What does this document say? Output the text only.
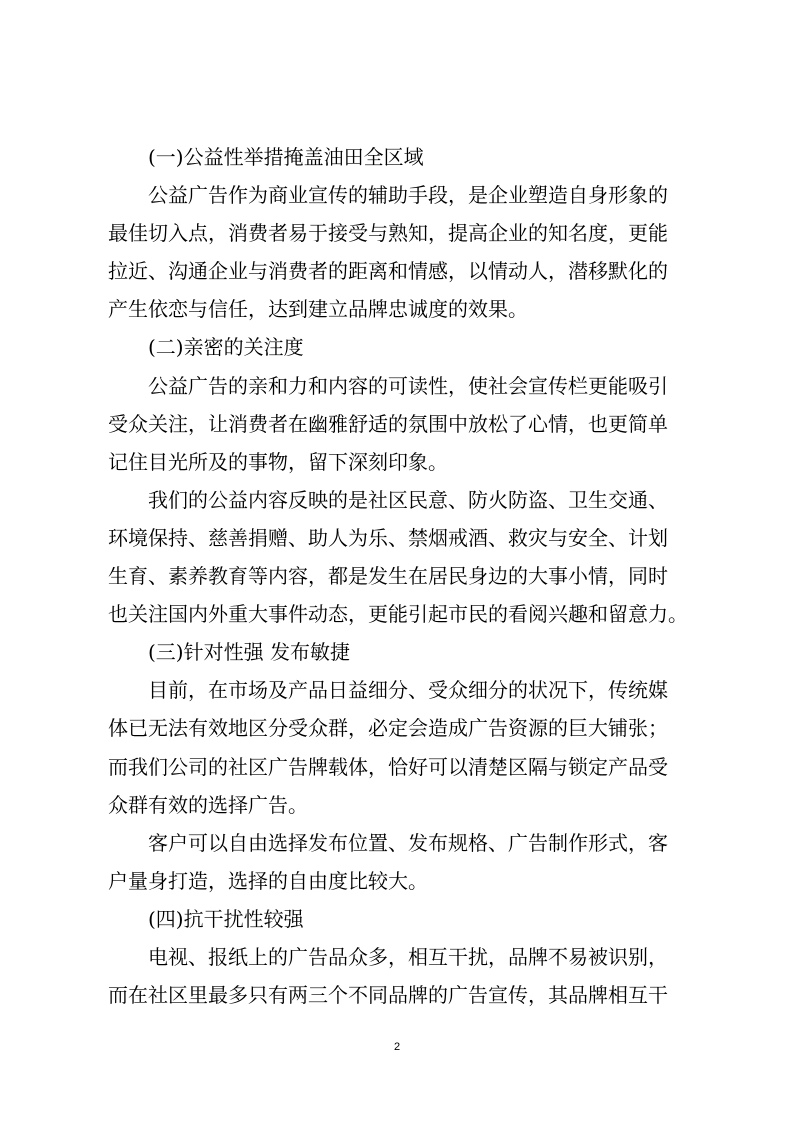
(一)公益性举措掩盖油田全区域
公益广告作为商业宣传的辅助手段，是企业塑造自身形象的
最佳切入点，消费者易于接受与熟知，提高企业的知名度，更能
拉近、沟通企业与消费者的距离和情感，以情动人，潜移默化的
产生依恋与信任，达到建立品牌忠诚度的效果。
(二)亲密的关注度
公益广告的亲和力和内容的可读性，使社会宣传栏更能吸引
受众关注，让消费者在幽雅舒适的氛围中放松了心情，也更简单
记住目光所及的事物，留下深刻印象。
我们的公益内容反映的是社区民意、防火防盗、卫生交通、
环境保持、慈善捐赠、助人为乐、禁烟戒酒、救灾与安全、计划
生育、素养教育等内容，都是发生在居民身边的大事小情，同时
也关注国内外重大事件动态，更能引起市民的看阅兴趣和留意力。
(三)针对性强 发布敏捷
目前，在市场及产品日益细分、受众细分的状况下，传统媒
体已无法有效地区分受众群，必定会造成广告资源的巨大铺张；
而我们公司的社区广告牌载体，恰好可以清楚区隔与锁定产品受
众群有效的选择广告。
客户可以自由选择发布位置、发布规格、广告制作形式，客
户量身打造，选择的自由度比较大。
(四)抗干扰性较强
电视、报纸上的广告品众多，相互干扰，品牌不易被识别，
而在社区里最多只有两三个不同品牌的广告宣传，其品牌相互干
2
